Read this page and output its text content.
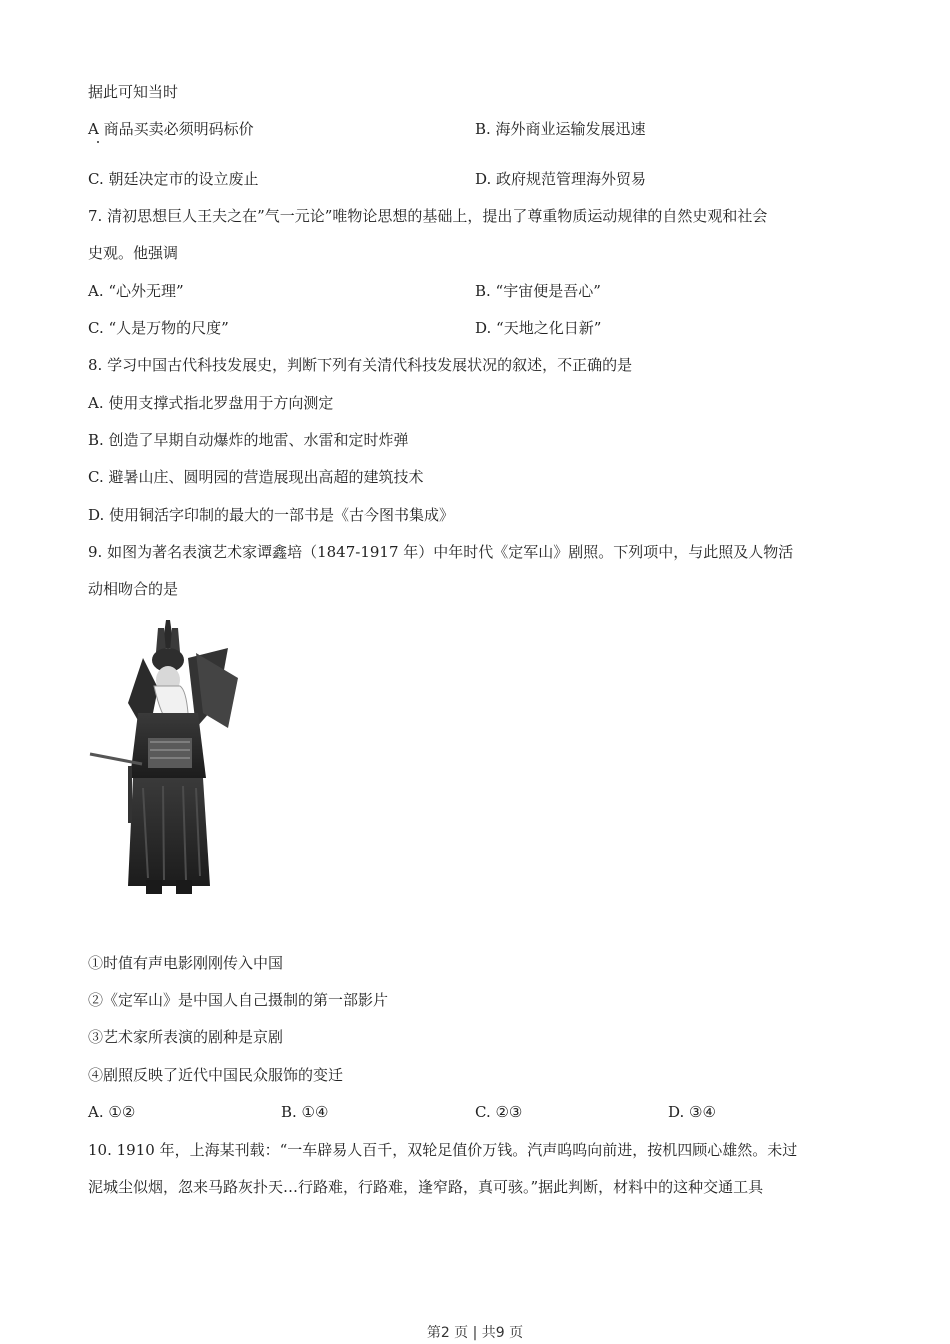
据此可知当时
A 商品买卖必须明码标价	B. 海外商业运输发展迅速
C. 朝廷决定市的设立废止	D. 政府规范管理海外贸易
7. 清初思想巨人王夫之在”气一元论”唯物论思想的基础上，提出了尊重物质运动规律的自然史观和社会
史观。他强调
A. “心外无理”	B. “宇宙便是吾心”
C. “人是万物的尺度”	D. “天地之化日新”
8. 学习中国古代科技发展史，判断下列有关清代科技发展状况的叙述，不正确的是
A. 使用支撑式指北罗盘用于方向测定
B. 创造了早期自动爆炸的地雷、水雷和定时炸弹
C. 避暑山庄、圆明园的营造展现出高超的建筑技术
D. 使用铜活字印制的最大的一部书是《古今图书集成》
9. 如图为著名表演艺术家谭鑫培（1847-1917 年）中年时代《定军山》剧照。下列项中，与此照及人物活
动相吻合的是
①时值有声电影刚刚传入中国
②《定军山》是中国人自己摄制的第一部影片
③艺术家所表演的剧种是京剧
④剧照反映了近代中国民众服饰的变迁
A. ①②	B. ①④	C. ②③	D. ③④
10. 1910 年，上海某刊载：“一车辟易人百千，双轮足值价万钱。汽声呜呜向前进，按机四顾心雄然。未过
泥城尘似烟，忽来马路灰扑天…行路难，行路难，逢窄路，真可骇。”据此判断，材料中的这种交通工具
第2 页 | 共9 页
